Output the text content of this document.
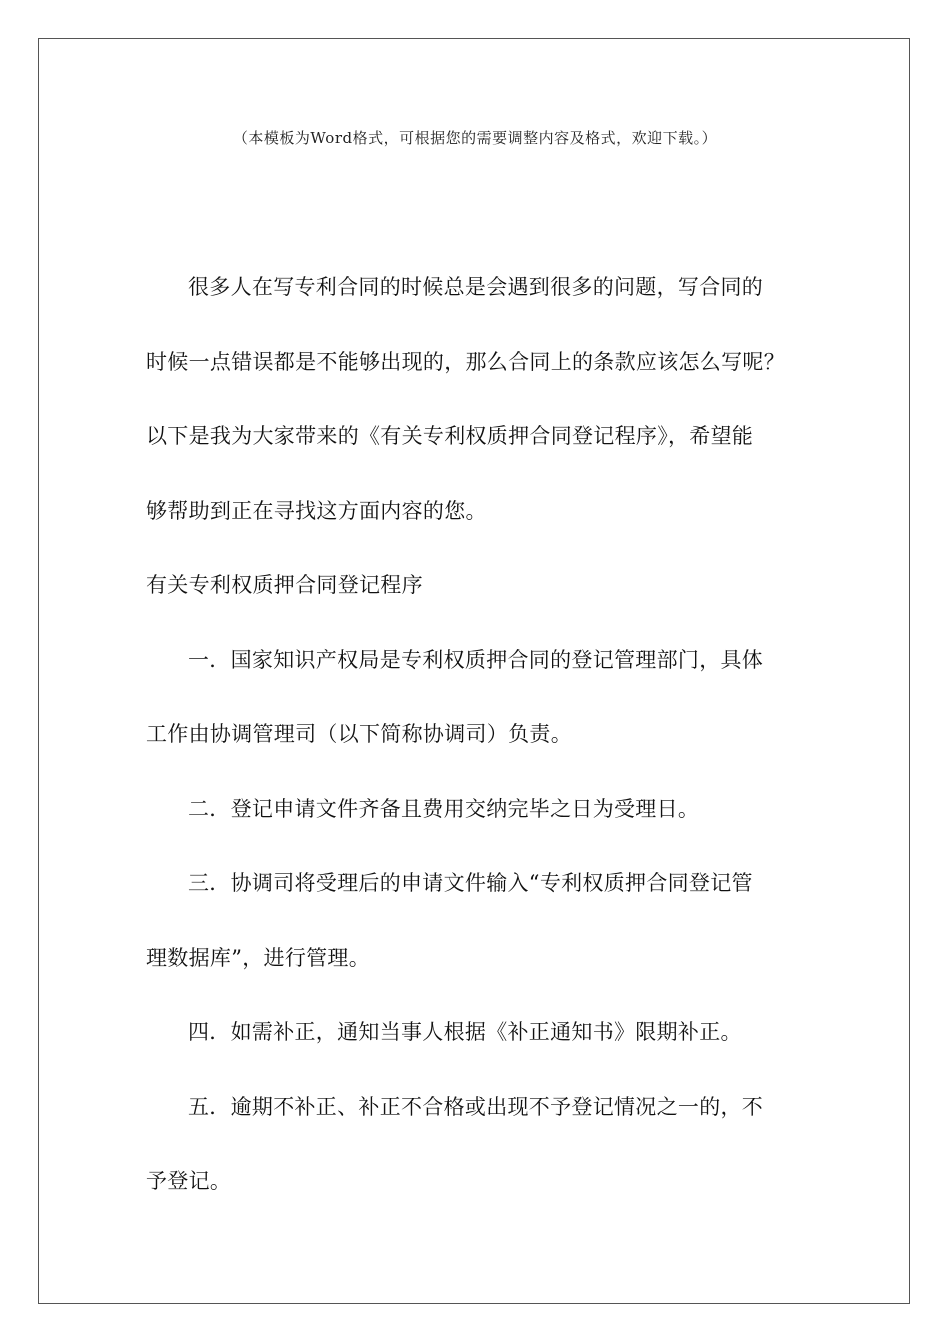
（本模板为Word格式，可根据您的需要调整内容及格式，欢迎下载。）
很多人在写专利合同的时候总是会遇到很多的问题，写合同的
时候一点错误都是不能够出现的，那么合同上的条款应该怎么写呢？
以下是我为大家带来的《有关专利权质押合同登记程序》，希望能
够帮助到正在寻找这方面内容的您。
有关专利权质押合同登记程序
一．国家知识产权局是专利权质押合同的登记管理部门，具体
工作由协调管理司（以下简称协调司）负责。
二．登记申请文件齐备且费用交纳完毕之日为受理日。
三．协调司将受理后的申请文件输入“专利权质押合同登记管
理数据库”，进行管理。
四．如需补正，通知当事人根据《补正通知书》限期补正。
五．逾期不补正、补正不合格或出现不予登记情况之一的，不
予登记。
